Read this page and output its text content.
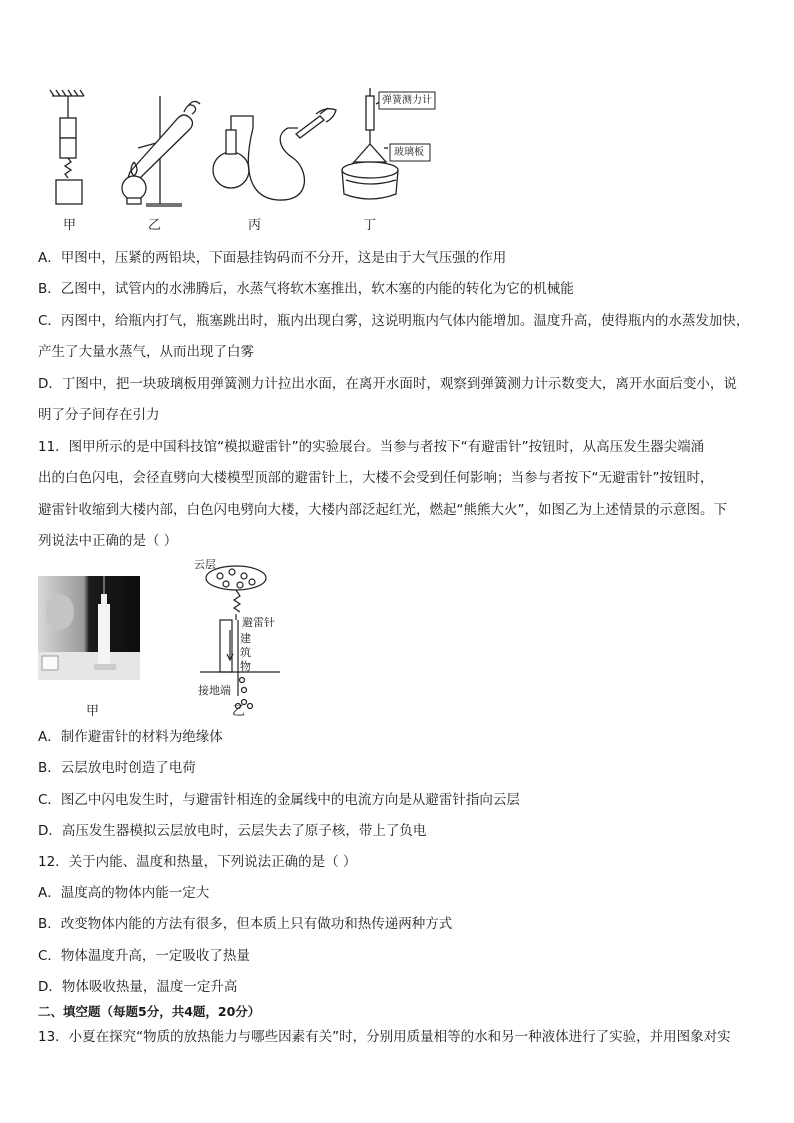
弹簧测力计
玻璃板
甲	乙	丙	丁
A．甲图中，压紧的两铅块，下面悬挂钩码而不分开，这是由于大气压强的作用
B．乙图中，试管内的水沸腾后，水蒸气将软木塞推出，软木塞的内能的转化为它的机械能
C．丙图中，给瓶内打气，瓶塞跳出时，瓶内出现白雾，这说明瓶内气体内能增加。温度升高，使得瓶内的水蒸发加快，
产生了大量水蒸气，从而出现了白雾
D．丁图中，把一块玻璃板用弹簧测力计拉出水面，在离开水面时，观察到弹簧测力计示数变大，离开水面后变小，说
明了分子间存在引力
11．图甲所示的是中国科技馆“模拟避雷针”的实验展台。当参与者按下“有避雷针”按钮时，从高压发生器尖端涌
出的白色闪电，会径直劈向大楼模型顶部的避雷针上，大楼不会受到任何影响；当参与者按下“无避雷针”按钮时，
避雷针收缩到大楼内部，白色闪电劈向大楼，大楼内部泛起红光，燃起“熊熊大火”，如图乙为上述情景的示意图。下
列说法中正确的是（ ）
甲
云层
避雷针
建
筑
物
接地端
乙
A．制作避雷针的材料为绝缘体
B．云层放电时创造了电荷
C．图乙中闪电发生时，与避雷针相连的金属线中的电流方向是从避雷针指向云层
D．高压发生器模拟云层放电时，云层失去了原子核，带上了负电
12．关于内能、温度和热量，下列说法正确的是（ ）
A．温度高的物体内能一定大
B．改变物体内能的方法有很多，但本质上只有做功和热传递两种方式
C．物体温度升高，一定吸收了热量
D．物体吸收热量，温度一定升高
二、填空题（每题5分，共4题，20分）
13．小夏在探究“物质的放热能力与哪些因素有关”时，分别用质量相等的水和另一种液体进行了实验，并用图象对实
